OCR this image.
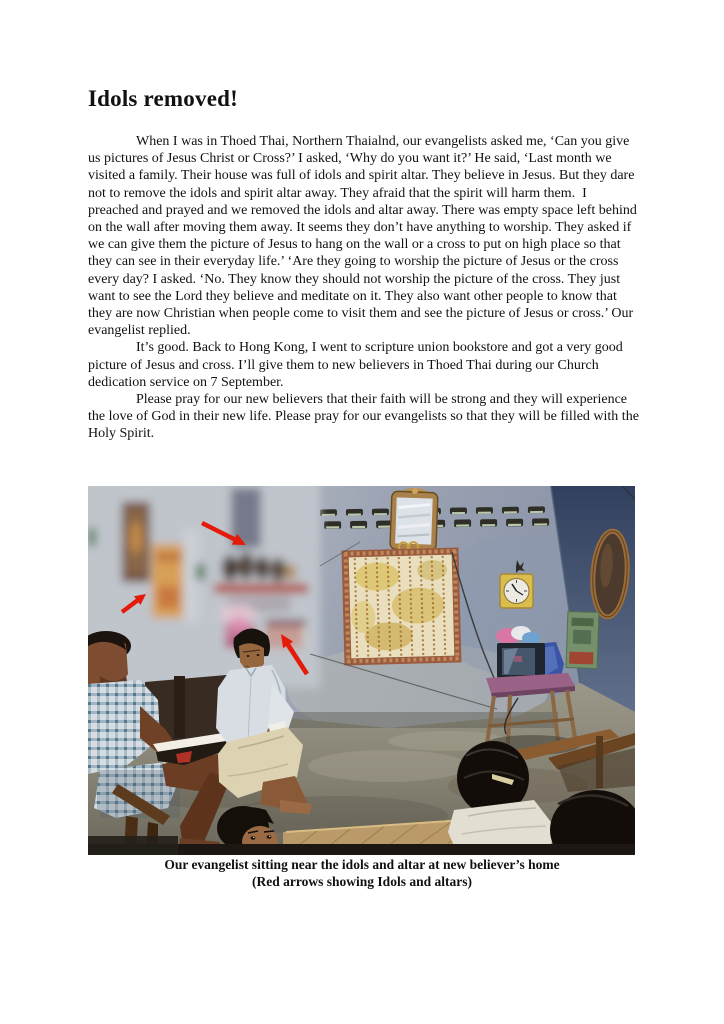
Idols removed!

When I was in Thoed Thai, Northern Thaialnd, our evangelists asked me, ‘Can you give us pictures of Jesus Christ or Cross?’ I asked, ‘Why do you want it?’ He said, ‘Last month we visited a family. Their house was full of idols and spirit altar. They believe in Jesus. But they dare not to remove the idols and spirit altar away. They afraid that the spirit will harm them.  I preached and prayed and we removed the idols and altar away. There was empty space left behind on the wall after moving them away. It seems they don’t have anything to worship. They asked if we can give them the picture of Jesus to hang on the wall or a cross to put on high place so that they can see in their everyday life.’ ‘Are they going to worship the picture of Jesus or the cross every day? I asked. ‘No. They know they should not worship the picture of the cross. They just want to see the Lord they believe and meditate on it. They also want other people to know that they are now Christian when people come to visit them and see the picture of Jesus or cross.’ Our evangelist replied.

It’s good. Back to Hong Kong, I went to scripture union bookstore and got a very good picture of Jesus and cross. I’ll give them to new believers in Thoed Thai during our Church dedication service on 7 September.

Please pray for our new believers that their faith will be strong and they will experience the love of God in their new life. Please pray for our evangelists so that they will be filled with the Holy Spirit.

Our evangelist sitting near the idols and altar at new believer’s home
(Red arrows showing Idols and altars)
